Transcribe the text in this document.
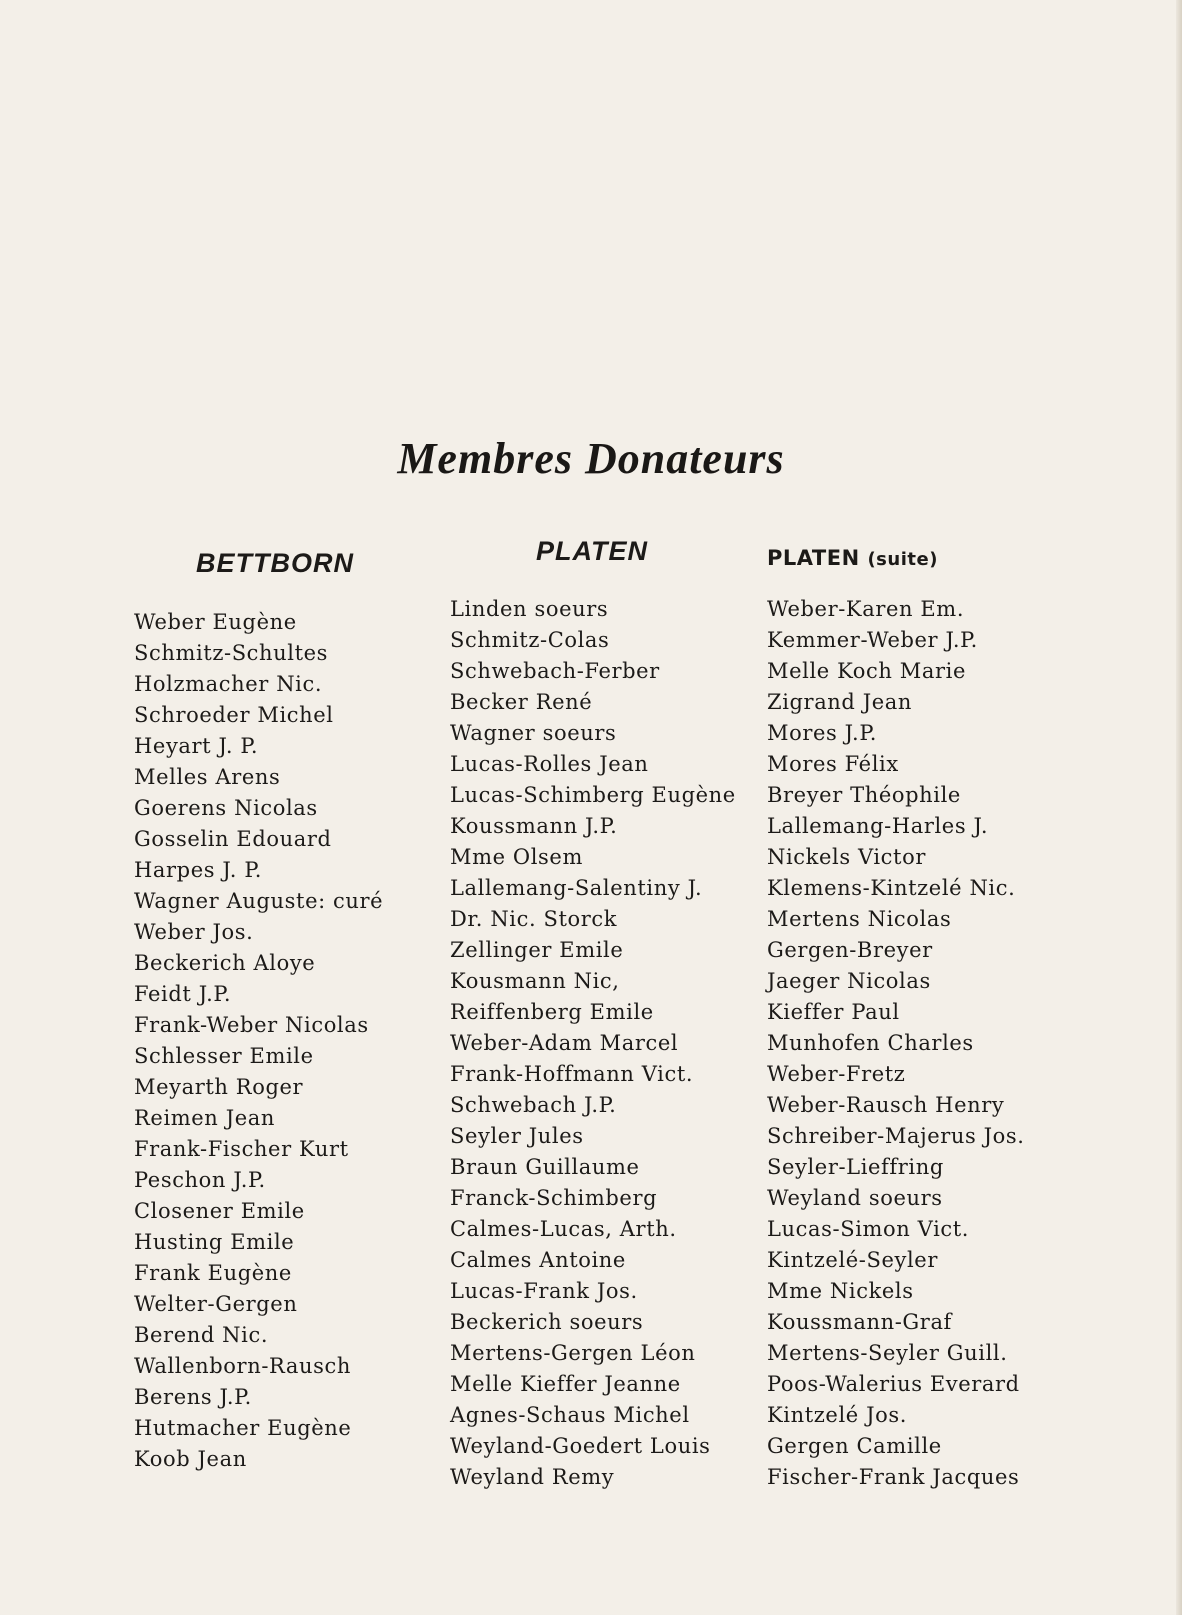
Membres Donateurs
BETTBORN
Weber Eugène
Schmitz-Schultes
Holzmacher Nic.
Schroeder Michel
Heyart J. P.
Melles Arens
Goerens Nicolas
Gosselin Edouard
Harpes J. P.
Wagner Auguste: curé
Weber Jos.
Beckerich Aloye
Feidt J.P.
Frank-Weber Nicolas
Schlesser Emile
Meyarth Roger
Reimen Jean
Frank-Fischer Kurt
Peschon J.P.
Closener Emile
Husting Emile
Frank Eugène
Welter-Gergen
Berend Nic.
Wallenborn-Rausch
Berens J.P.
Hutmacher Eugène
Koob Jean
PLATEN
Linden soeurs
Schmitz-Colas
Schwebach-Ferber
Becker René
Wagner soeurs
Lucas-Rolles Jean
Lucas-Schimberg Eugène
Koussmann J.P.
Mme Olsem
Lallemang-Salentiny J.
Dr. Nic. Storck
Zellinger Emile
Kousmann Nic,
Reiffenberg Emile
Weber-Adam Marcel
Frank-Hoffmann Vict.
Schwebach J.P.
Seyler Jules
Braun Guillaume
Franck-Schimberg
Calmes-Lucas, Arth.
Calmes Antoine
Lucas-Frank Jos.
Beckerich soeurs
Mertens-Gergen Léon
Melle Kieffer Jeanne
Agnes-Schaus Michel
Weyland-Goedert Louis
Weyland Remy
PLATEN (suite)
Weber-Karen Em.
Kemmer-Weber J.P.
Melle Koch Marie
Zigrand Jean
Mores J.P.
Mores Félix
Breyer Théophile
Lallemang-Harles J.
Nickels Victor
Klemens-Kintzelé Nic.
Mertens Nicolas
Gergen-Breyer
Jaeger Nicolas
Kieffer Paul
Munhofen Charles
Weber-Fretz
Weber-Rausch Henry
Schreiber-Majerus Jos.
Seyler-Lieffring
Weyland soeurs
Lucas-Simon Vict.
Kintzelé-Seyler
Mme Nickels
Koussmann-Graf
Mertens-Seyler Guill.
Poos-Walerius Everard
Kintzelé Jos.
Gergen Camille
Fischer-Frank Jacques
